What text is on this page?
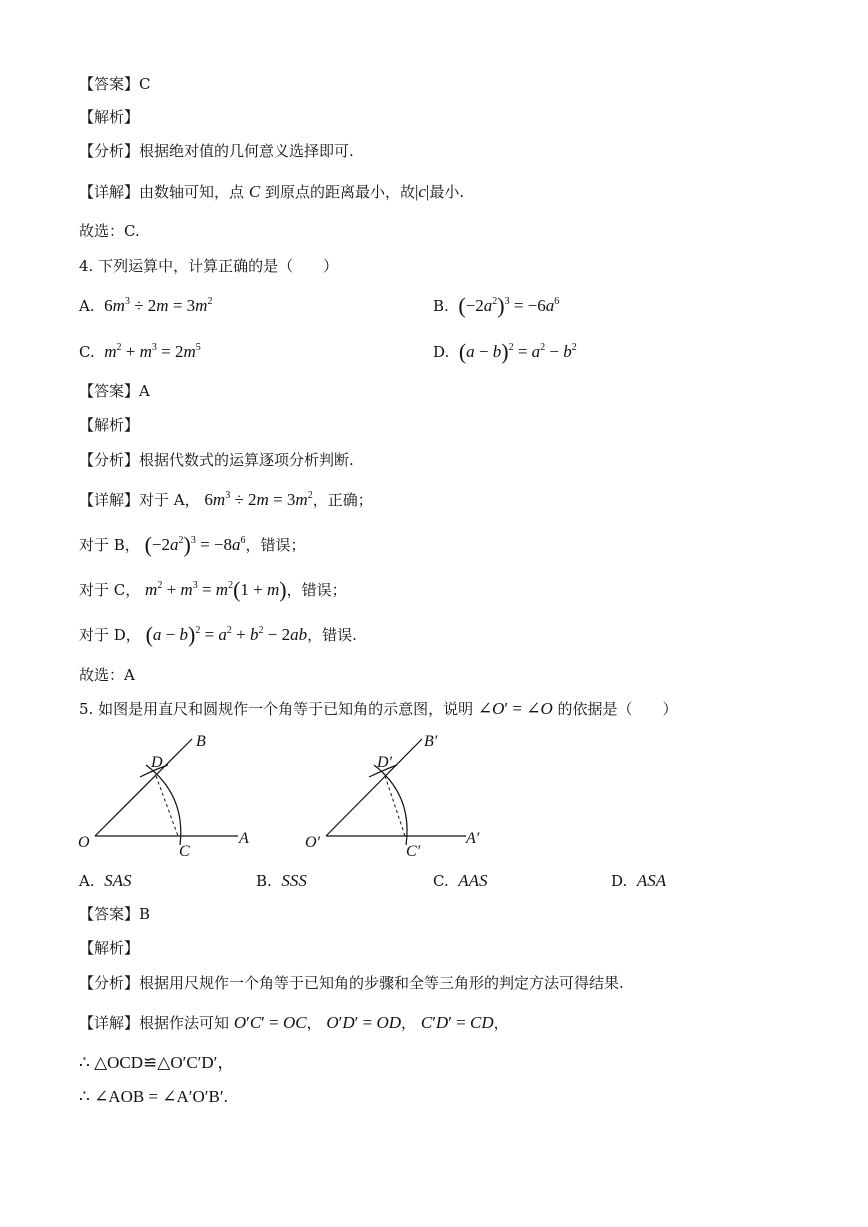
【答案】C
【解析】
【分析】根据绝对值的几何意义选择即可.
【详解】由数轴可知，点 C 到原点的距离最小，故|c|最小.
故选：C.
4. 下列运算中，计算正确的是（　　）
A. $6m^3 \div 2m = 3m^2$	B. $(-2a^2)^3 = -6a^6$
C. $m^2 + m^3 = 2m^5$	D. $(a - b)^2 = a^2 - b^2$
【答案】A
【解析】
【分析】根据代数式的运算逐项分析判断.
【详解】对于 A， $6m^3 \div 2m = 3m^2$，正确；
对于 B， $(-2a^2)^3 = -8a^6$，错误；
对于 C， $m^2 + m^3 = m^2(1 + m)$，错误；
对于 D， $(a - b)^2 = a^2 + b^2 - 2ab$，错误.
故选：A
5. 如图是用直尺和圆规作一个角等于已知角的示意图，说明 ∠O′ = ∠O 的依据是（　　）
O	A
B
C
D
O′	A′
B′
C′
D′
A. SAS	B. SSS	C. AAS	D. ASA
【答案】B
【解析】
【分析】根据用尺规作一个角等于已知角的步骤和全等三角形的判定方法可得结果.
【详解】根据作法可知 O′C′ = OC， O′D′ = OD， C′D′ = CD，
∴ △OCD≌△O′C′D′，
∴ ∠AOB = ∠A′O′B′.
